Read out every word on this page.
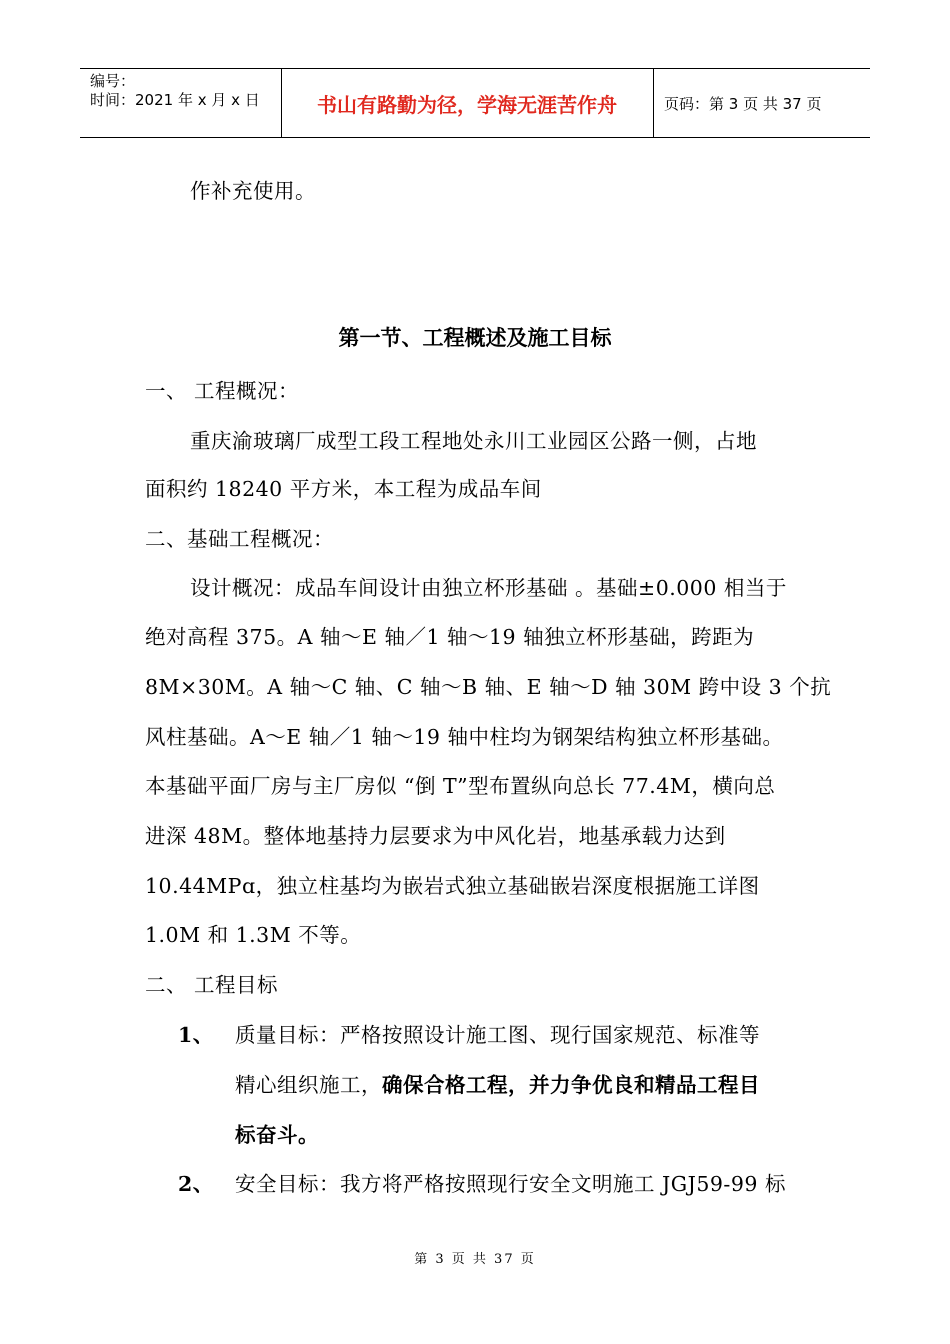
编号：
时间：2021 年 x 月 x 日	书山有路勤为径，学海无涯苦作舟	页码：第 3 页 共 37 页
作补充使用。
第一节、工程概述及施工目标
一、 工程概况：
重庆渝玻璃厂成型工段工程地处永川工业园区公路一侧，占地
面积约 18240 平方米，本工程为成品车间
二、基础工程概况：
设计概况：成品车间设计由独立杯形基础 。基础±0.000 相当于
绝对高程 375。A 轴～E 轴／1 轴～19 轴独立杯形基础，跨距为
8M×30M。A 轴～C 轴、C 轴～B 轴、E 轴～D 轴 30M 跨中设 3 个抗
风柱基础。A～E 轴／1 轴～19 轴中柱均为钢架结构独立杯形基础。
本基础平面厂房与主厂房似 “倒 T”型布置纵向总长 77.4M，横向总
进深 48M。整体地基持力层要求为中风化岩，地基承载力达到
10.44MPɑ，独立柱基均为嵌岩式独立基础嵌岩深度根据施工详图
1.0M 和 1.3M 不等。
二、 工程目标
1、 质量目标：严格按照设计施工图、现行国家规范、标准等
精心组织施工，确保合格工程，并力争优良和精品工程目
标奋斗。
2、 安全目标：我方将严格按照现行安全文明施工 JGJ59-99 标
第 3 页 共 37 页
